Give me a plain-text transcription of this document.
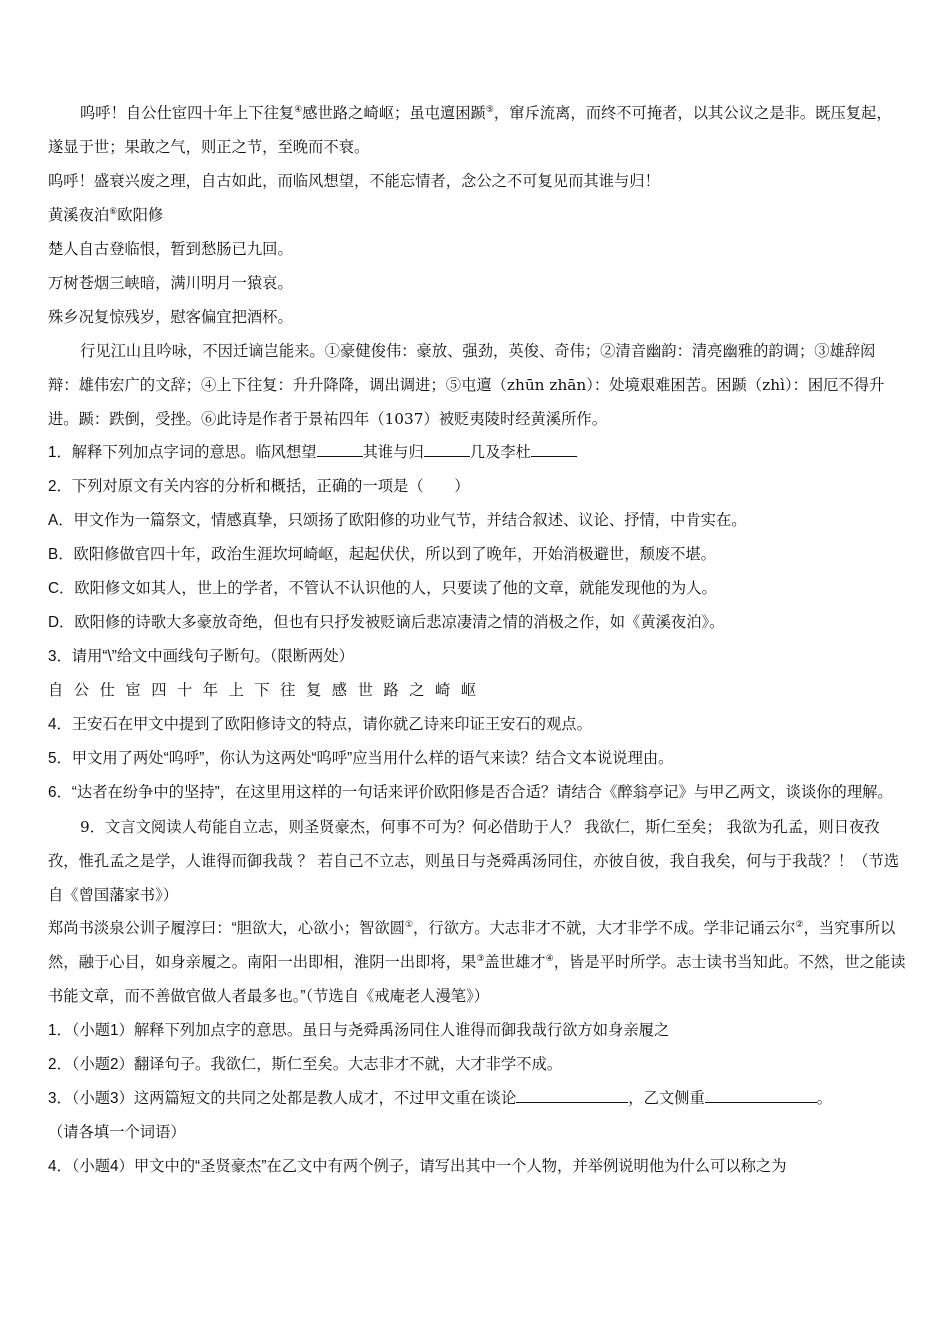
呜呼！自公仕宦四十年上下往复④感世路之崎岖；虽屯邅困踬⑤，窜斥流离，而终不可掩者，以其公议之是非。既压复起，遂显于世；果敢之气，则正之节，至晚而不衰。

呜呼！盛衰兴废之理，自古如此，而临风想望，不能忘情者，念公之不可复见而其谁与归！

黄溪夜泊⑥欧阳修

楚人自古登临恨，暂到愁肠已九回。

万树苍烟三峡暗，满川明月一猿哀。

殊乡况复惊残岁，慰客偏宜把酒杯。

行见江山且吟咏，不因迁谪岂能来。①豪健俊伟：豪放、强劲，英俊、奇伟；②清音幽韵：清亮幽雅的韵调；③雄辞闳辩：雄伟宏广的文辞；④上下往复：升升降降，调出调进；⑤屯邅（zhūn zhān）：处境艰难困苦。困踬（zhì）：困厄不得升进。踬：跌倒，受挫。⑥此诗是作者于景祐四年（1037）被贬夷陵时经黄溪所作。

1．解释下列加点字词的意思。临风想望	其谁与归	几及李杜

2．下列对原文有关内容的分析和概括，正确的一项是（　　）

A．甲文作为一篇祭文，情感真挚，只颂扬了欧阳修的功业气节，并结合叙述、议论、抒情，中肯实在。

B．欧阳修做官四十年，政治生涯坎坷崎岖，起起伏伏，所以到了晚年，开始消极避世，颓废不堪。

C．欧阳修文如其人，世上的学者，不管认不认识他的人，只要读了他的文章，就能发现他的为人。

D．欧阳修的诗歌大多豪放奇绝，但也有只抒发被贬谪后悲凉凄清之情的消极之作，如《黄溪夜泊》。

3．请用“\”给文中画线句子断句。（限断两处）

自公仕宦四十年上下往复感世路之崎岖

4．王安石在甲文中提到了欧阳修诗文的特点，请你就乙诗来印证王安石的观点。

5．甲文用了两处“呜呼”，你认为这两处“呜呼”应当用什么样的语气来读？结合文本说说理由。

6．“达者在纷争中的坚持”，在这里用这样的一句话来评价欧阳修是否合适？请结合《醉翁亭记》与甲乙两文，谈谈你的理解。

9．文言文阅读人苟能自立志，则圣贤豪杰，何事不可为？何必借助于人？ 我欲仁，斯仁至矣； 我欲为孔孟，则日夜孜孜，惟孔孟之是学，人谁得而御我哉 ？ 若自己不立志，则虽日与尧舜禹汤同住，亦彼自彼，我自我矣，何与于我哉？！（节选自《曾国藩家书》）

郑尚书淡泉公训子履淳曰：“胆欲大，心欲小；智欲圆①，行欲方。大志非才不就，大才非学不成。学非记诵云尔②，当究事所以然，融于心目，如身亲履之。南阳一出即相，淮阴一出即将，果③盖世雄才④，皆是平时所学。志士读书当知此。不然，世之能读书能文章，而不善做官做人者最多也。”（节选自《戒庵老人漫笔》）

1．（小题1）解释下列加点字的意思。虽日与尧舜禹汤同住人谁得而御我哉行欲方如身亲履之

2．（小题2）翻译句子。我欲仁，斯仁至矣。大志非才不就，大才非学不成。

3．（小题3）这两篇短文的共同之处都是教人成才，不过甲文重在谈论	，乙文侧重	。
（请各填一个词语）

4．（小题4）甲文中的“圣贤豪杰”在乙文中有两个例子，请写出其中一个人物，并举例说明他为什么可以称之为
